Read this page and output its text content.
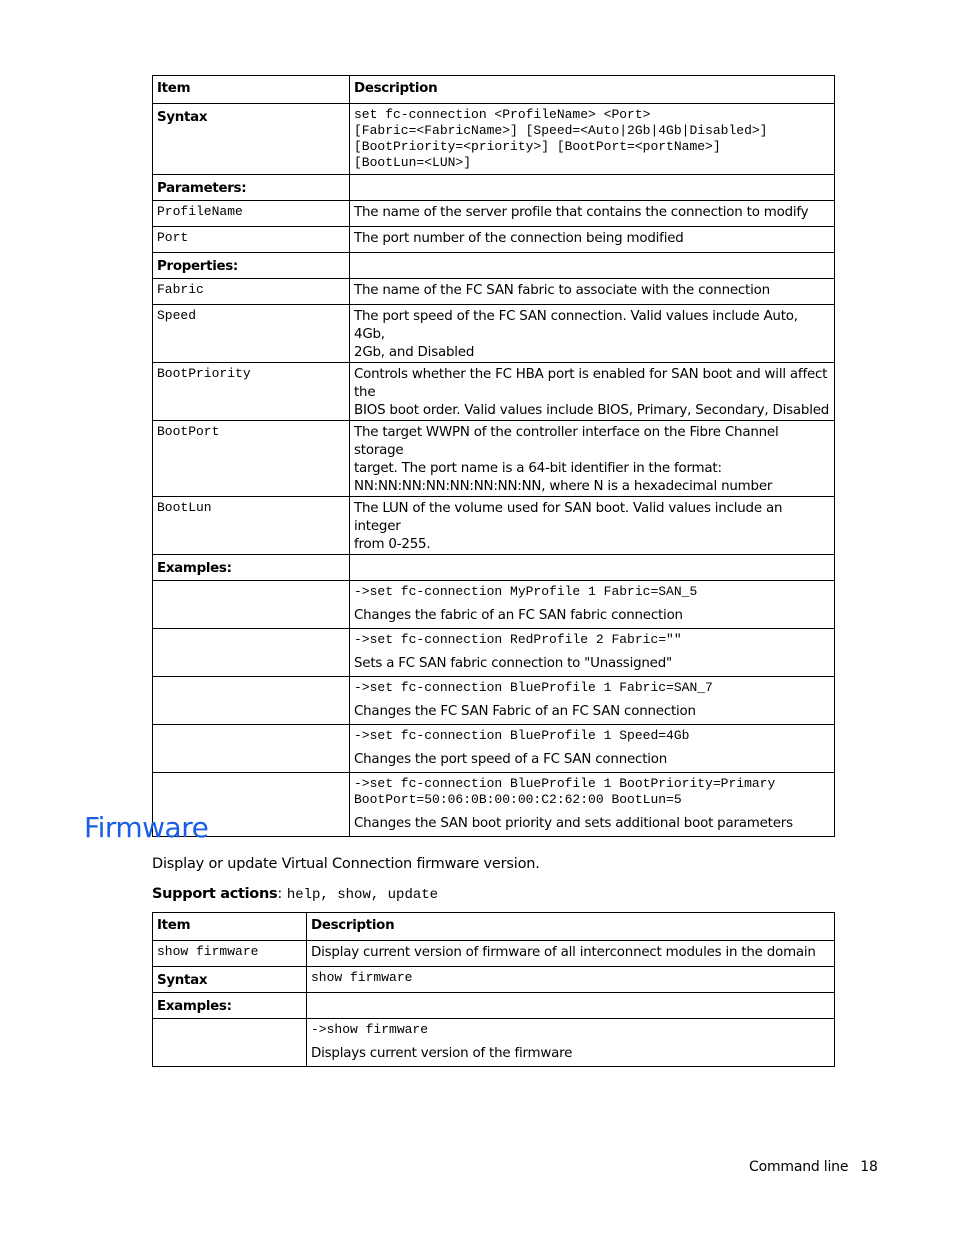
Item	Description
Syntax	set fc-connection <ProfileName> <Port>
[Fabric=<FabricName>] [Speed=<Auto|2Gb|4Gb|Disabled>]
[BootPriority=<priority>] [BootPort=<portName>]
[BootLun=<LUN>]

Parameters:	
ProfileName	The name of the server profile that contains the connection to modify
Port	The port number of the connection being modified
Properties:	
Fabric	The name of the FC SAN fabric to associate with the connection
Speed	The port speed of the FC SAN connection. Valid values include Auto, 4Gb,
2Gb, and Disabled

BootPriority	Controls whether the FC HBA port is enabled for SAN boot and will affect the
BIOS boot order. Valid values include BIOS, Primary, Secondary, Disabled

BootPort	The target WWPN of the controller interface on the Fibre Channel storage
target. The port name is a 64-bit identifier in the format:
NN:NN:NN:NN:NN:NN:NN:NN, where N is a hexadecimal number

BootLun	The LUN of the volume used for SAN boot. Valid values include an integer
from 0-255.

Examples:	

	->set fc-connection MyProfile 1 Fabric=SAN_5
Changes the fabric of an FC SAN fabric connection

	->set fc-connection RedProfile 2 Fabric=""
Sets a FC SAN fabric connection to "Unassigned"

	->set fc-connection BlueProfile 1 Fabric=SAN_7
Changes the FC SAN Fabric of an FC SAN connection

	->set fc-connection BlueProfile 1 Speed=4Gb
Changes the port speed of a FC SAN connection

	->set fc-connection BlueProfile 1 BootPriority=Primary
BootPort=50:06:0B:00:00:C2:62:00 BootLun=5
Changes the SAN boot priority and sets additional boot parameters
Firmware
Display or update Virtual Connection firmware version.
Support actions: help, show, update
Item	Description
show firmware	Display current version of firmware of all interconnect modules in the domain
Syntax	show firmware
Examples:	

	->show firmware
Displays current version of the firmware
Command line 18
